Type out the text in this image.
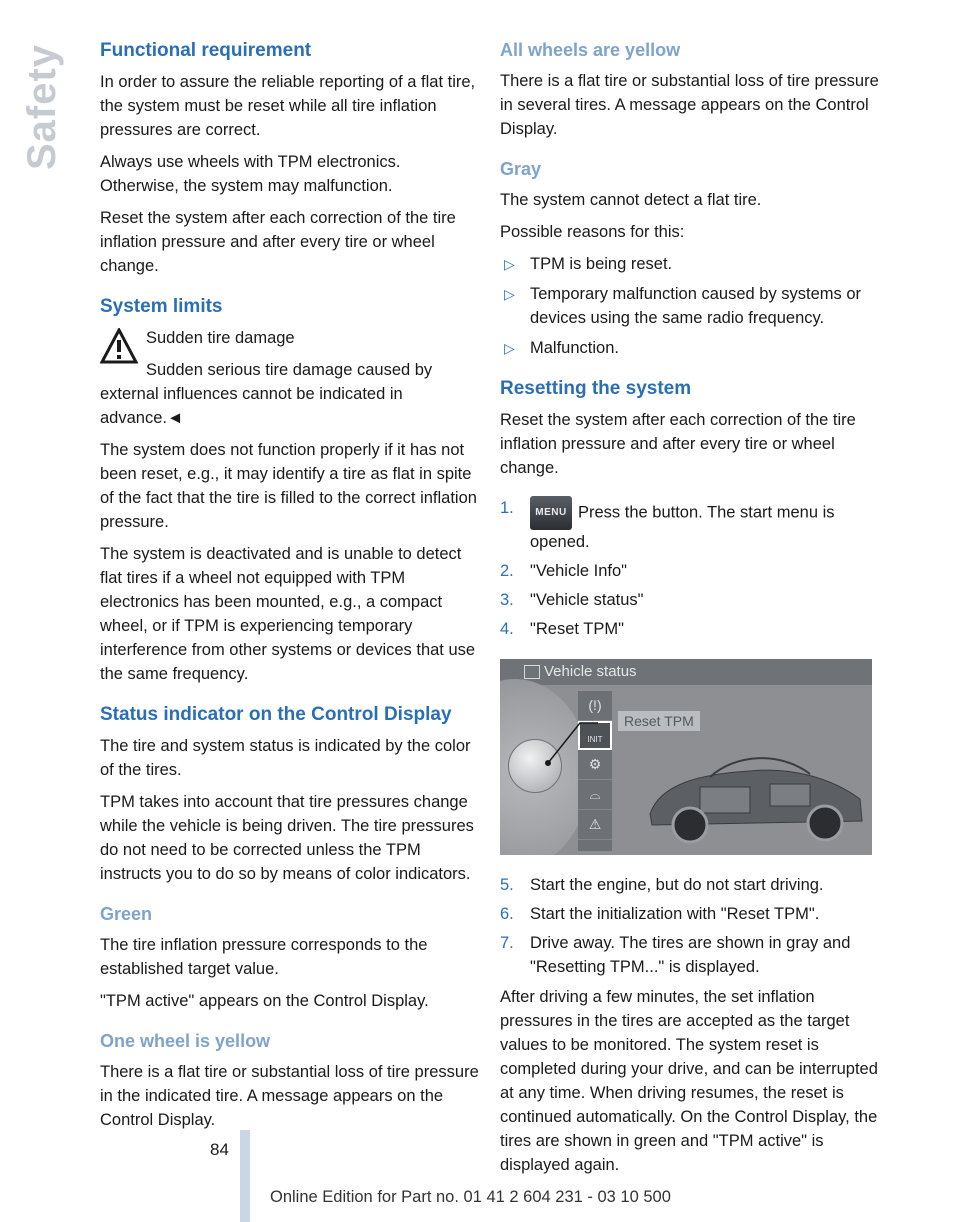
Safety Functional requirement

In order to assure the reliable reporting of a flat tire, the system must be reset while all tire inflation pressures are correct.

Always use wheels with TPM electronics. Otherwise, the system may malfunction.

Reset the system after each correction of the tire inflation pressure and after every tire or wheel change.

System limits

Sudden tire damage

Sudden serious tire damage caused by

external influences cannot be indicated in advance.◄

The system does not function properly if it has not been reset, e.g., it may identify a tire as flat in spite of the fact that the tire is filled to the correct inflation pressure.

The system is deactivated and is unable to detect flat tires if a wheel not equipped with TPM electronics has been mounted, e.g., a compact wheel, or if TPM is experiencing temporary interference from other systems or devices that use the same frequency.

Status indicator on the Control Display

The tire and system status is indicated by the color of the tires.

TPM takes into account that tire pressures change while the vehicle is being driven. The tire pressures do not need to be corrected unless the TPM instructs you to do so by means of color indicators.

Green

The tire inflation pressure corresponds to the established target value.

"TPM active" appears on the Control Display.

One wheel is yellow

There is a flat tire or substantial loss of tire pressure in the indicated tire. A message appears on the Control Display.

All wheels are yellow

There is a flat tire or substantial loss of tire pressure in several tires. A message appears on the Control Display.

Gray

The system cannot detect a flat tire.

Possible reasons for this:

▷ TPM is being reset.
▷ Temporary malfunction caused by systems or devices using the same radio frequency.
▷ Malfunction.
Resetting the system

Reset the system after each correction of the tire inflation pressure and after every tire or wheel change.

1. MENU Press the button. The start menu is opened.
2. "Vehicle Info"
3. "Vehicle status"
4. "Reset TPM"
Vehicle status
(!)
INIT
⚙
⌓
⚠
Reset TPM
5. Start the engine, but do not start driving.
6. Start the initialization with "Reset TPM".
7. Drive away. The tires are shown in gray and "Resetting TPM..." is displayed.

After driving a few minutes, the set inflation pressures in the tires are accepted as the target values to be monitored. The system reset is completed during your drive, and can be interrupted at any time. When driving resumes, the reset is continued automatically. On the Control Display, the tires are shown in green and "TPM active" is displayed again.

84
Online Edition for Part no. 01 41 2 604 231 - 03 10 500
